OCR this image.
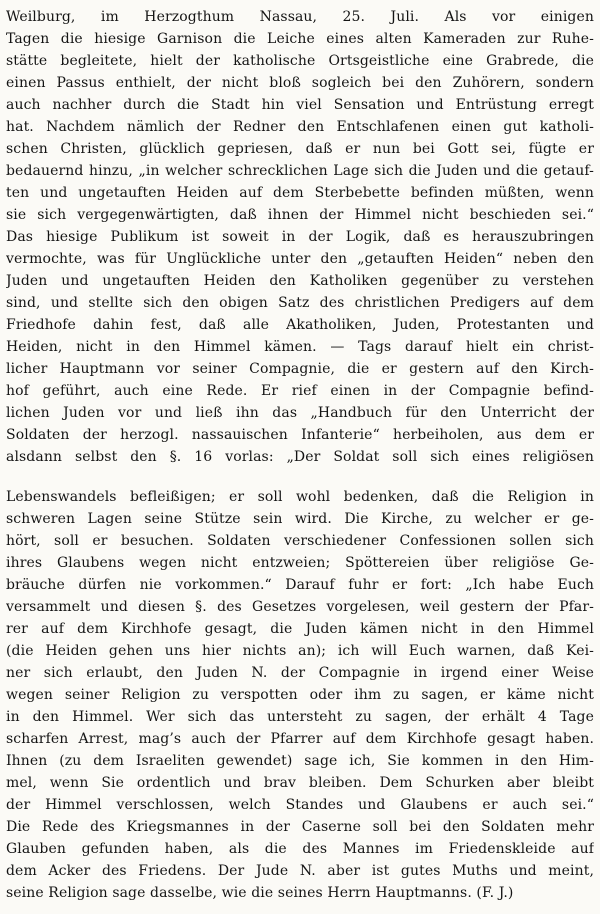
Weilburg, im Herzogthum Nassau, 25. Juli. Als vor einigen
Tagen die hiesige Garnison die Leiche eines alten Kameraden zur Ruhe-
stätte begleitete, hielt der katholische Ortsgeistliche eine Grabrede, die
einen Passus enthielt, der nicht bloß sogleich bei den Zuhörern, sondern
auch nachher durch die Stadt hin viel Sensation und Entrüstung erregt
hat. Nachdem nämlich der Redner den Entschlafenen einen gut katholi-
schen Christen, glücklich gepriesen, daß er nun bei Gott sei, fügte er
bedauernd hinzu, „in welcher schrecklichen Lage sich die Juden und die getauf-
ten und ungetauften Heiden auf dem Sterbebette befinden müßten, wenn
sie sich vergegenwärtigten, daß ihnen der Himmel nicht beschieden sei.“
Das hiesige Publikum ist soweit in der Logik, daß es herauszubringen
vermochte, was für Unglückliche unter den „getauften Heiden“ neben den
Juden und ungetauften Heiden den Katholiken gegenüber zu verstehen
sind, und stellte sich den obigen Satz des christlichen Predigers auf dem
Friedhofe dahin fest, daß alle Akatholiken, Juden, Protestanten und
Heiden, nicht in den Himmel kämen. — Tags darauf hielt ein christ-
licher Hauptmann vor seiner Compagnie, die er gestern auf den Kirch-
hof geführt, auch eine Rede. Er rief einen in der Compagnie befind-
lichen Juden vor und ließ ihn das „Handbuch für den Unterricht der
Soldaten der herzogl. nassauischen Infanterie“ herbeiholen, aus dem er
alsdann selbst den §. 16 vorlas: „Der Soldat soll sich eines religiösen
Lebenswandels befleißigen; er soll wohl bedenken, daß die Religion in
schweren Lagen seine Stütze sein wird. Die Kirche, zu welcher er ge-
hört, soll er besuchen. Soldaten verschiedener Confessionen sollen sich
ihres Glaubens wegen nicht entzweien; Spöttereien über religiöse Ge-
bräuche dürfen nie vorkommen.“ Darauf fuhr er fort: „Ich habe Euch
versammelt und diesen §. des Gesetzes vorgelesen, weil gestern der Pfar-
rer auf dem Kirchhofe gesagt, die Juden kämen nicht in den Himmel
(die Heiden gehen uns hier nichts an); ich will Euch warnen, daß Kei-
ner sich erlaubt, den Juden N. der Compagnie in irgend einer Weise
wegen seiner Religion zu verspotten oder ihm zu sagen, er käme nicht
in den Himmel. Wer sich das untersteht zu sagen, der erhält 4 Tage
scharfen Arrest, mag’s auch der Pfarrer auf dem Kirchhofe gesagt haben.
Ihnen (zu dem Israeliten gewendet) sage ich, Sie kommen in den Him-
mel, wenn Sie ordentlich und brav bleiben. Dem Schurken aber bleibt
der Himmel verschlossen, welch Standes und Glaubens er auch sei.“
Die Rede des Kriegsmannes in der Caserne soll bei den Soldaten mehr
Glauben gefunden haben, als die des Mannes im Friedenskleide auf
dem Acker des Friedens. Der Jude N. aber ist gutes Muths und meint,
seine Religion sage dasselbe, wie die seines Herrn Hauptmanns. (F. J.)
